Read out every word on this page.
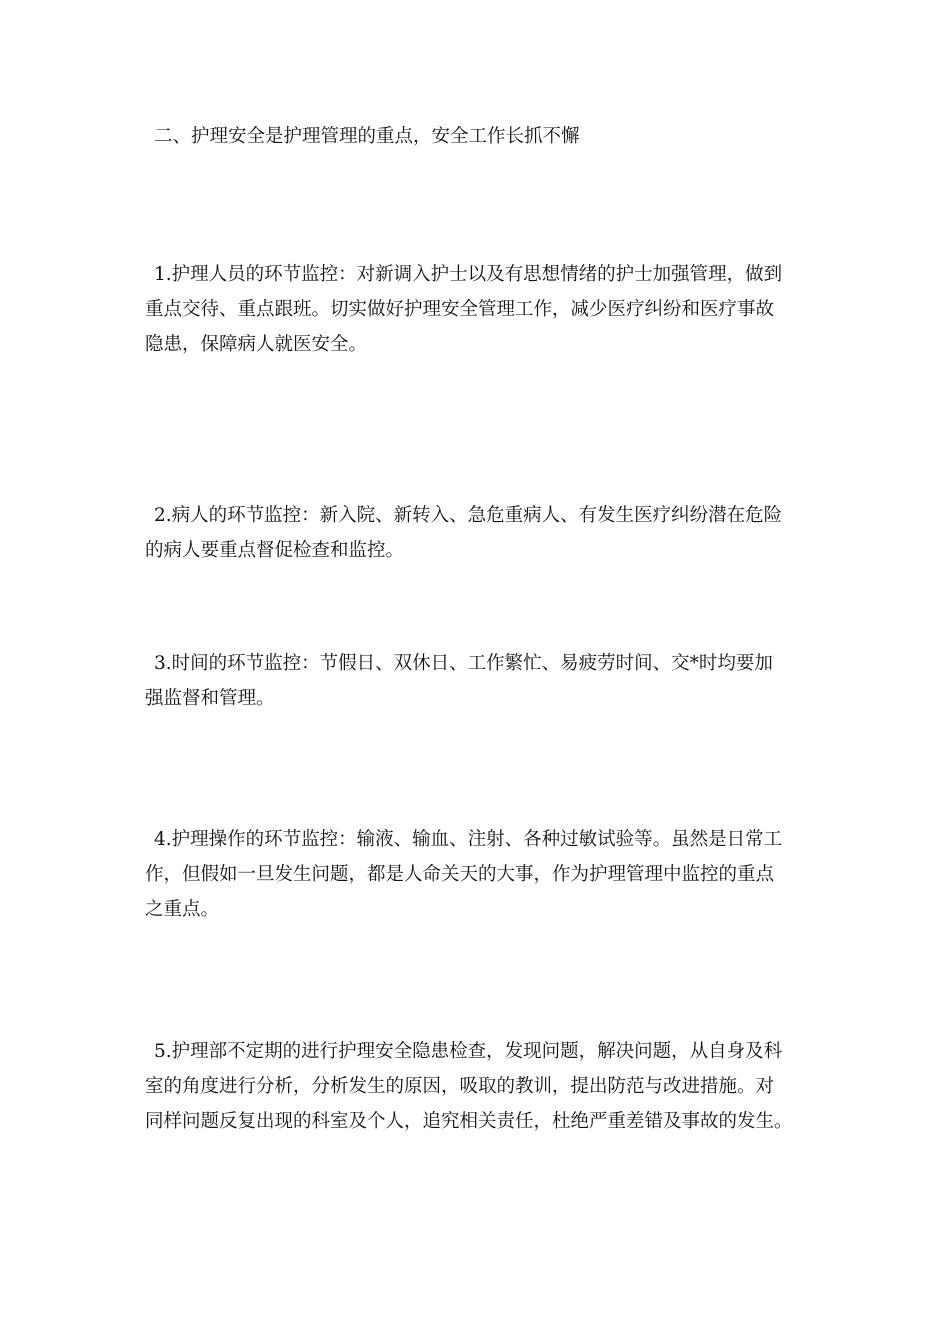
二、护理安全是护理管理的重点，安全工作长抓不懈

1.护理人员的环节监控：对新调入护士以及有思想情绪的护士加强管理，做到
重点交待、重点跟班。切实做好护理安全管理工作，减少医疗纠纷和医疗事故
隐患，保障病人就医安全。

2.病人的环节监控：新入院、新转入、急危重病人、有发生医疗纠纷潜在危险
的病人要重点督促检查和监控。

3.时间的环节监控：节假日、双休日、工作繁忙、易疲劳时间、交*时均要加
强监督和管理。

4.护理操作的环节监控：输液、输血、注射、各种过敏试验等。虽然是日常工
作，但假如一旦发生问题，都是人命关天的大事，作为护理管理中监控的重点
之重点。

5.护理部不定期的进行护理安全隐患检查，发现问题，解决问题，从自身及科
室的角度进行分析，分析发生的原因，吸取的教训，提出防范与改进措施。对
同样问题反复出现的科室及个人，追究相关责任，杜绝严重差错及事故的发生。
